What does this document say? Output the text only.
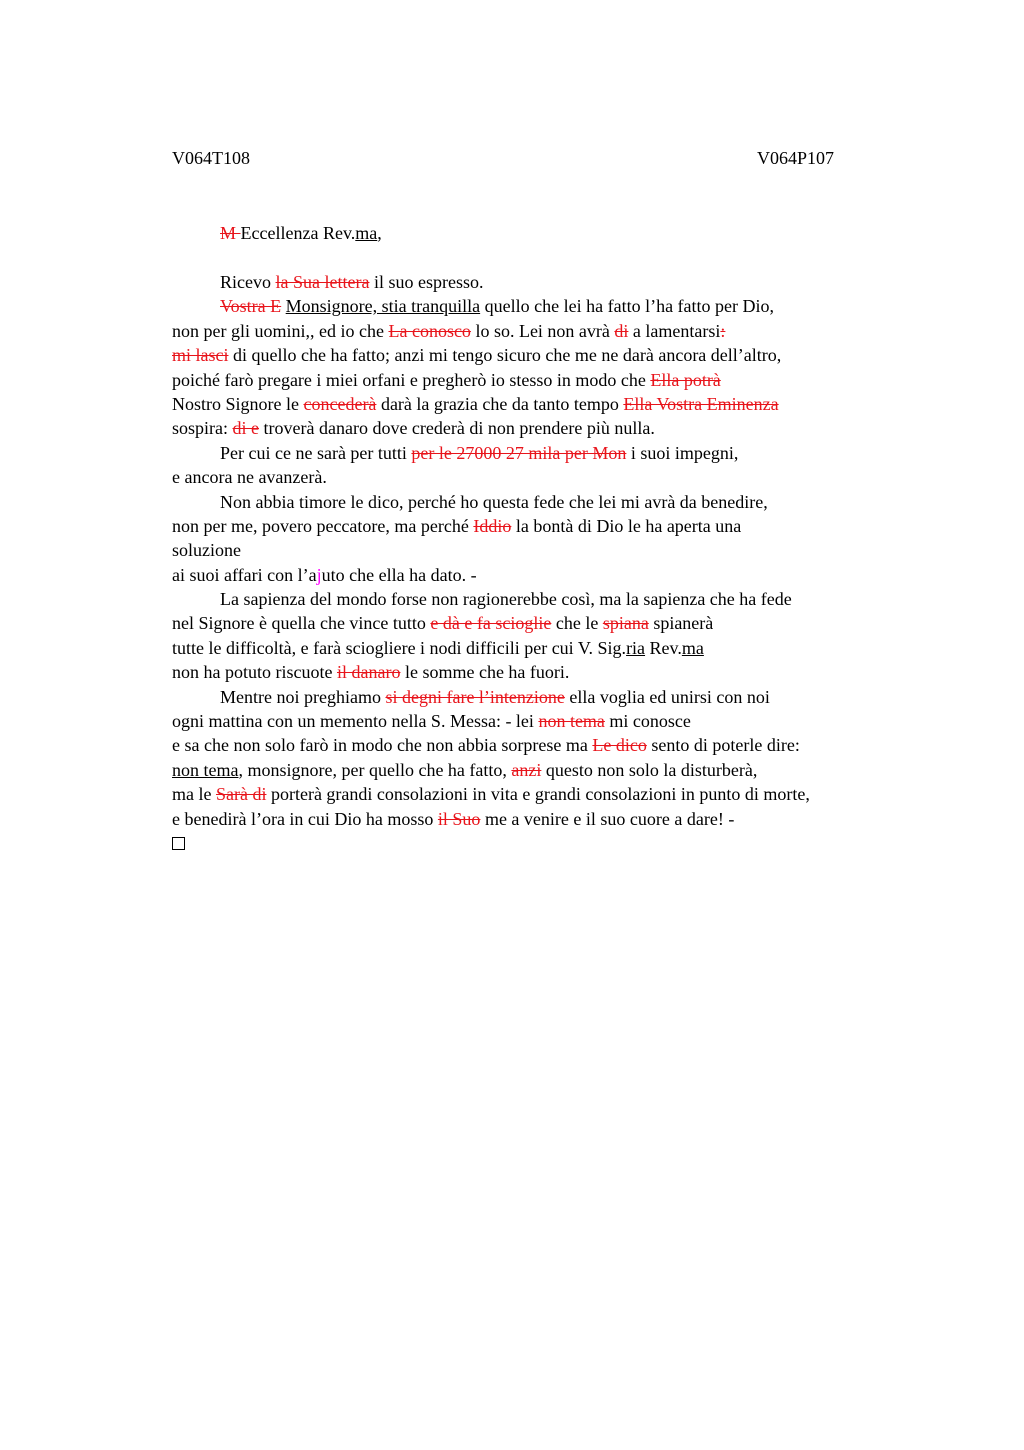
V064T108	V064P107
M Eccellenza Rev.ma,
Ricevo la Sua lettera il suo espresso.
Vostra E Monsignore, stia tranquilla quello che lei ha fatto l’ha fatto per Dio,
non per gli uomini,, ed io che La conosco lo so. Lei non avrà di a lamentarsi:
mi lasci di quello che ha fatto; anzi mi tengo sicuro che me ne darà ancora dell’altro,
poiché farò pregare i miei orfani e pregherò io stesso in modo che Ella potrà
Nostro Signore le concederà darà la grazia che da tanto tempo Ella Vostra Eminenza
sospira: di e troverà danaro dove crederà di non prendere più nulla.
Per cui ce ne sarà per tutti per le 27000 27 mila per Mon i suoi impegni,
e ancora ne avanzerà.
Non abbia timore le dico, perché ho questa fede che lei mi avrà da benedire,
non per me, povero peccatore, ma perché Iddio la bontà di Dio le ha aperta una
soluzione
ai suoi affari con l’ajuto che ella ha dato. -
La sapienza del mondo forse non ragionerebbe così, ma la sapienza che ha fede
nel Signore è quella che vince tutto e dà e fa scioglie che le spiana spianerà
tutte le difficoltà, e farà sciogliere i nodi difficili per cui V. Sig.ria Rev.ma
non ha potuto riscuote il danaro le somme che ha fuori.
Mentre noi preghiamo si degni fare l’intenzione ella voglia ed unirsi con noi
ogni mattina con un memento nella S. Messa: - lei non tema mi conosce
e sa che non solo farò in modo che non abbia sorprese ma Le dico sento di poterle dire:
non tema, monsignore, per quello che ha fatto, anzi questo non solo la disturberà,
ma le Sarà di porterà grandi consolazioni in vita e grandi consolazioni in punto di morte,
e benedirà l’ora in cui Dio ha mosso il Suo me a venire e il suo cuore a dare! -
